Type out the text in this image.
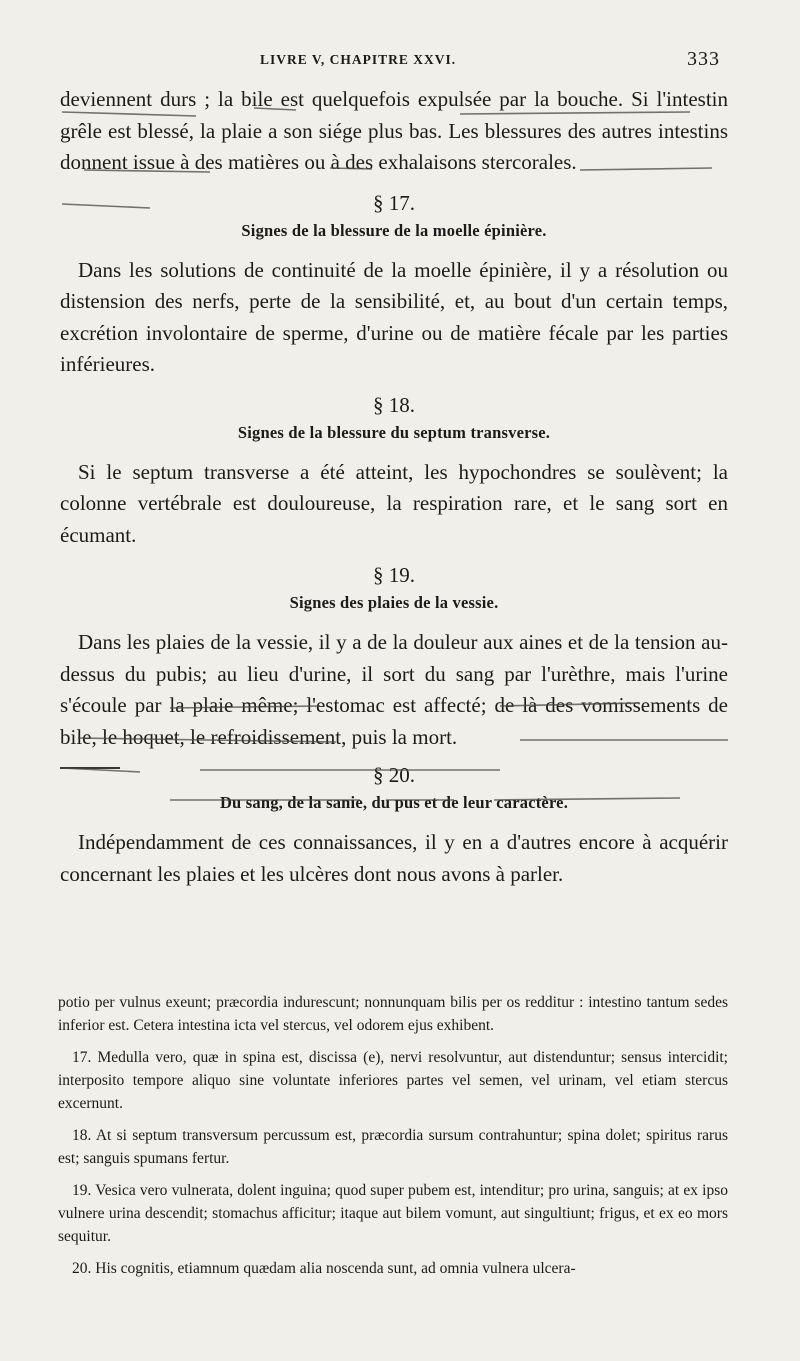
LIVRE V, CHAPITRE XXVI.	333

deviennent durs ; la bile est quelquefois expulsée par la bouche. Si l'intestin grêle est blessé, la plaie a son siége plus bas. Les blessures des autres intestins donnent issue à des matières ou à des exhalaisons stercorales.

§ 17.
Signes de la blessure de la moelle épinière.

Dans les solutions de continuité de la moelle épinière, il y a résolution ou distension des nerfs, perte de la sensibilité, et, au bout d'un certain temps, excrétion involontaire de sperme, d'urine ou de matière fécale par les parties inférieures.

§ 18.
Signes de la blessure du septum transverse.

Si le septum transverse a été atteint, les hypochondres se soulèvent; la colonne vertébrale est douloureuse, la respiration rare, et le sang sort en écumant.

§ 19.
Signes des plaies de la vessie.

Dans les plaies de la vessie, il y a de la douleur aux aines et de la tension au-dessus du pubis; au lieu d'urine, il sort du sang par l'urèthre, mais l'urine s'écoule par la plaie même; l'estomac est affecté; de là des vomissements de bile, le hoquet, le refroidissement, puis la mort.

§ 20.
Du sang, de la sanie, du pus et de leur caractère.

Indépendamment de ces connaissances, il y en a d'autres encore à acquérir concernant les plaies et les ulcères dont nous avons à parler.

potio per vulnus exeunt; præcordia indurescunt; nonnunquam bilis per os redditur : intestino tantum sedes inferior est. Cetera intestina icta vel stercus, vel odorem ejus exhibent.

17. Medulla vero, quæ in spina est, discissa (e), nervi resolvuntur, aut distenduntur; sensus intercidit; interposito tempore aliquo sine voluntate inferiores partes vel semen, vel urinam, vel etiam stercus excernunt.

18. At si septum transversum percussum est, præcordia sursum contrahuntur; spina dolet; spiritus rarus est; sanguis spumans fertur.

19. Vesica vero vulnerata, dolent inguina; quod super pubem est, intenditur; pro urina, sanguis; at ex ipso vulnere urina descendit; stomachus afficitur; itaque aut bilem vomunt, aut singultiunt; frigus, et ex eo mors sequitur.

20. His cognitis, etiamnum quædam alia noscenda sunt, ad omnia vulnera ulcera-
